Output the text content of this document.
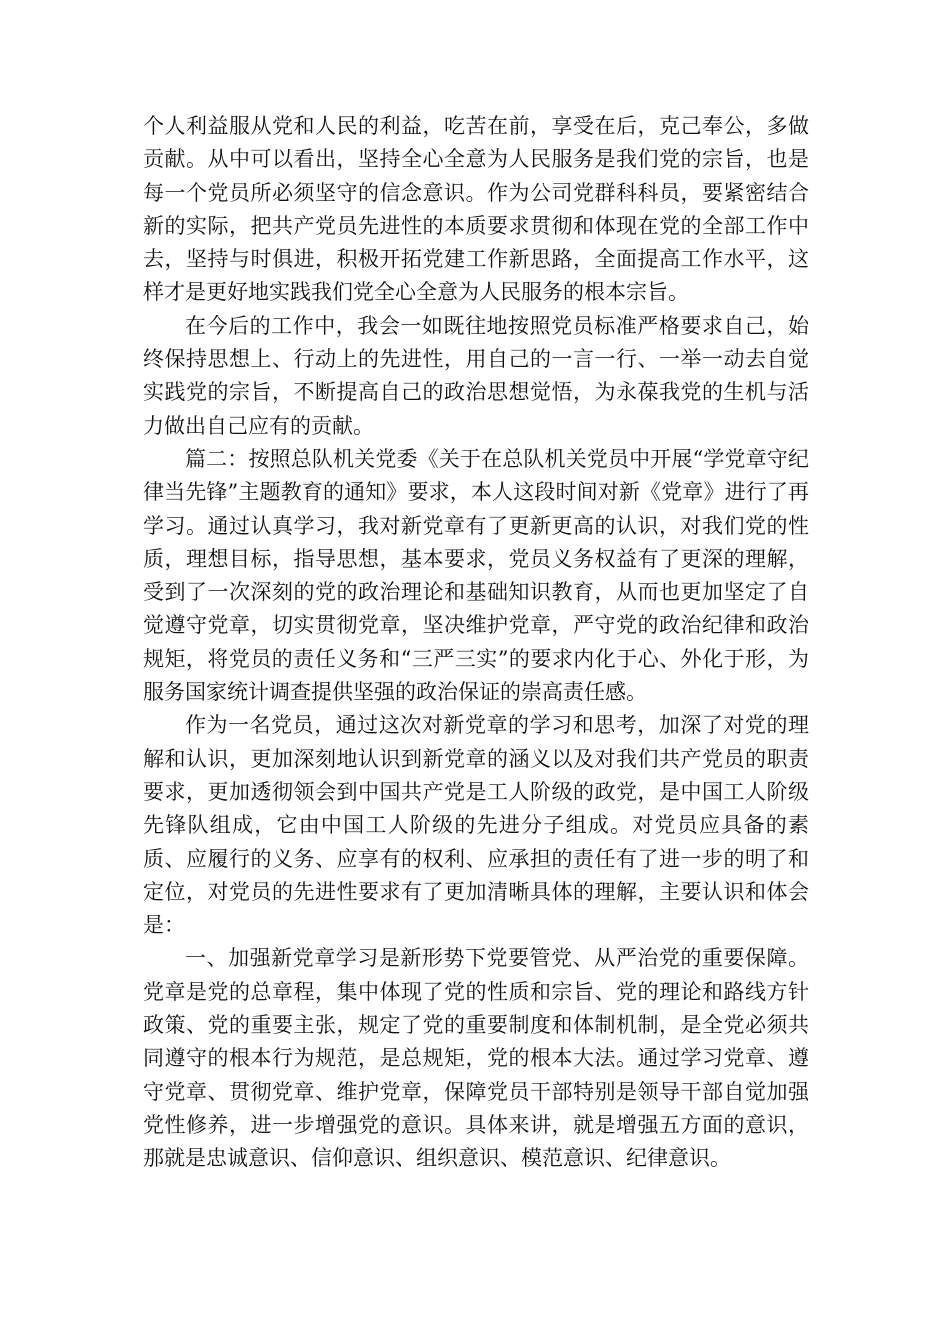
个人利益服从党和人民的利益，吃苦在前，享受在后，克己奉公，多做贡献。从中可以看出，坚持全心全意为人民服务是我们党的宗旨，也是每一个党员所必须坚守的信念意识。作为公司党群科科员，要紧密结合新的实际，把共产党员先进性的本质要求贯彻和体现在党的全部工作中去，坚持与时俱进，积极开拓党建工作新思路，全面提高工作水平，这样才是更好地实践我们党全心全意为人民服务的根本宗旨。

在今后的工作中，我会一如既往地按照党员标准严格要求自己，始终保持思想上、行动上的先进性，用自己的一言一行、一举一动去自觉实践党的宗旨，不断提高自己的政治思想觉悟，为永葆我党的生机与活力做出自己应有的贡献。

篇二：按照总队机关党委《关于在总队机关党员中开展“学党章守纪律当先锋”主题教育的通知》要求，本人这段时间对新《党章》进行了再学习。通过认真学习，我对新党章有了更新更高的认识，对我们党的性质，理想目标，指导思想，基本要求，党员义务权益有了更深的理解，受到了一次深刻的党的政治理论和基础知识教育，从而也更加坚定了自觉遵守党章，切实贯彻党章，坚决维护党章，严守党的政治纪律和政治规矩，将党员的责任义务和“三严三实”的要求内化于心、外化于形，为服务国家统计调查提供坚强的政治保证的崇高责任感。

作为一名党员，通过这次对新党章的学习和思考，加深了对党的理解和认识，更加深刻地认识到新党章的涵义以及对我们共产党员的职责要求，更加透彻领会到中国共产党是工人阶级的政党，是中国工人阶级先锋队组成，它由中国工人阶级的先进分子组成。对党员应具备的素质、应履行的义务、应享有的权利、应承担的责任有了进一步的明了和定位，对党员的先进性要求有了更加清晰具体的理解，主要认识和体会是：

一、加强新党章学习是新形势下党要管党、从严治党的重要保障。党章是党的总章程，集中体现了党的性质和宗旨、党的理论和路线方针政策、党的重要主张，规定了党的重要制度和体制机制，是全党必须共同遵守的根本行为规范，是总规矩，党的根本大法。通过学习党章、遵守党章、贯彻党章、维护党章，保障党员干部特别是领导干部自觉加强党性修养，进一步增强党的意识。具体来讲，就是增强五方面的意识，那就是忠诚意识、信仰意识、组织意识、模范意识、纪律意识。
